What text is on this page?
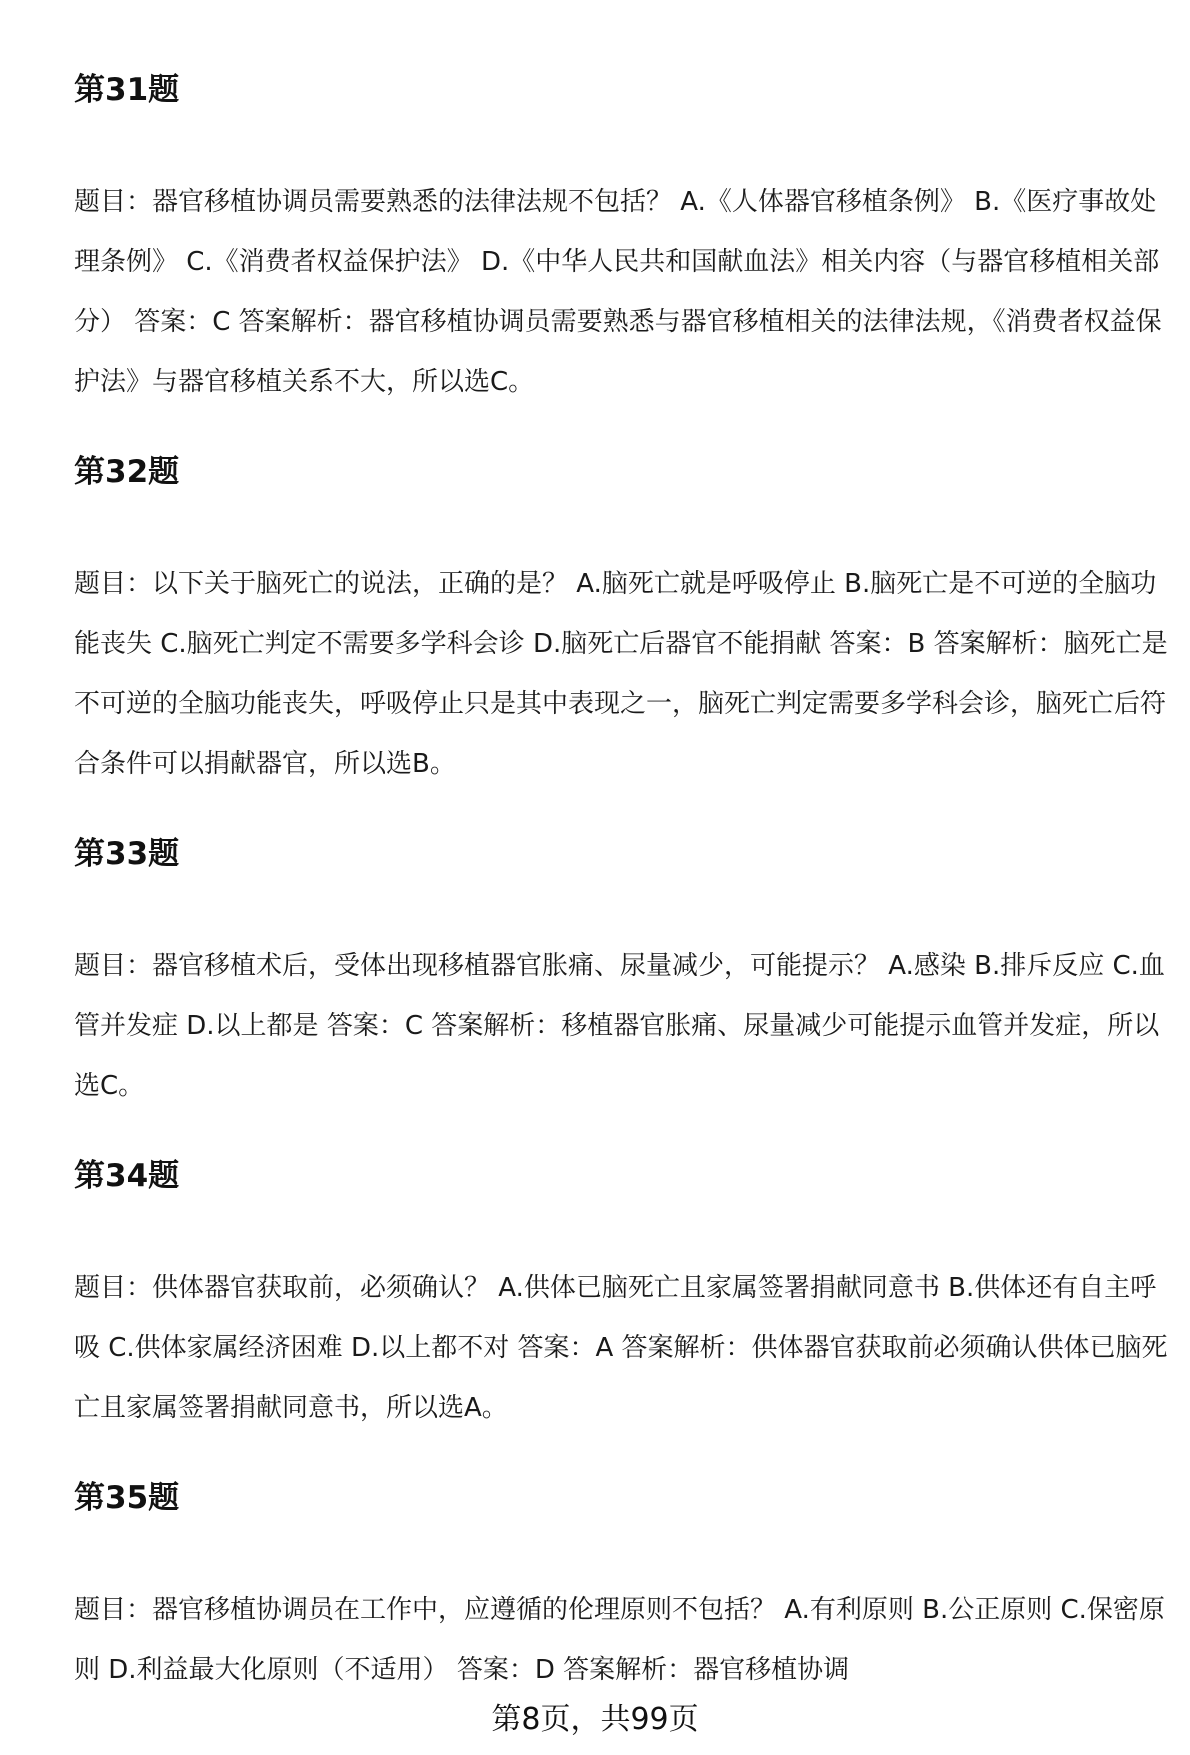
第31题

题目：器官移植协调员需要熟悉的法律法规不包括？ A.《人体器官移植条例》 B.《医疗事故处理条例》 C.《消费者权益保护法》 D.《中华人民共和国献血法》相关内容（与器官移植相关部分） 答案：C 答案解析：器官移植协调员需要熟悉与器官移植相关的法律法规，《消费者权益保护法》与器官移植关系不大，所以选C。

第32题

题目：以下关于脑死亡的说法，正确的是？ A.脑死亡就是呼吸停止 B.脑死亡是不可逆的全脑功能丧失 C.脑死亡判定不需要多学科会诊 D.脑死亡后器官不能捐献 答案：B 答案解析：脑死亡是不可逆的全脑功能丧失，呼吸停止只是其中表现之一，脑死亡判定需要多学科会诊，脑死亡后符合条件可以捐献器官，所以选B。

第33题

题目：器官移植术后，受体出现移植器官胀痛、尿量减少，可能提示？ A.感染 B.排斥反应 C.血管并发症 D.以上都是 答案：C 答案解析：移植器官胀痛、尿量减少可能提示血管并发症，所以选C。

第34题

题目：供体器官获取前，必须确认？ A.供体已脑死亡且家属签署捐献同意书 B.供体还有自主呼吸 C.供体家属经济困难 D.以上都不对 答案：A 答案解析：供体器官获取前必须确认供体已脑死亡且家属签署捐献同意书，所以选A。

第35题

题目：器官移植协调员在工作中，应遵循的伦理原则不包括？ A.有利原则 B.公正原则 C.保密原则 D.利益最大化原则（不适用） 答案：D 答案解析：器官移植协调

第8页，共99页
